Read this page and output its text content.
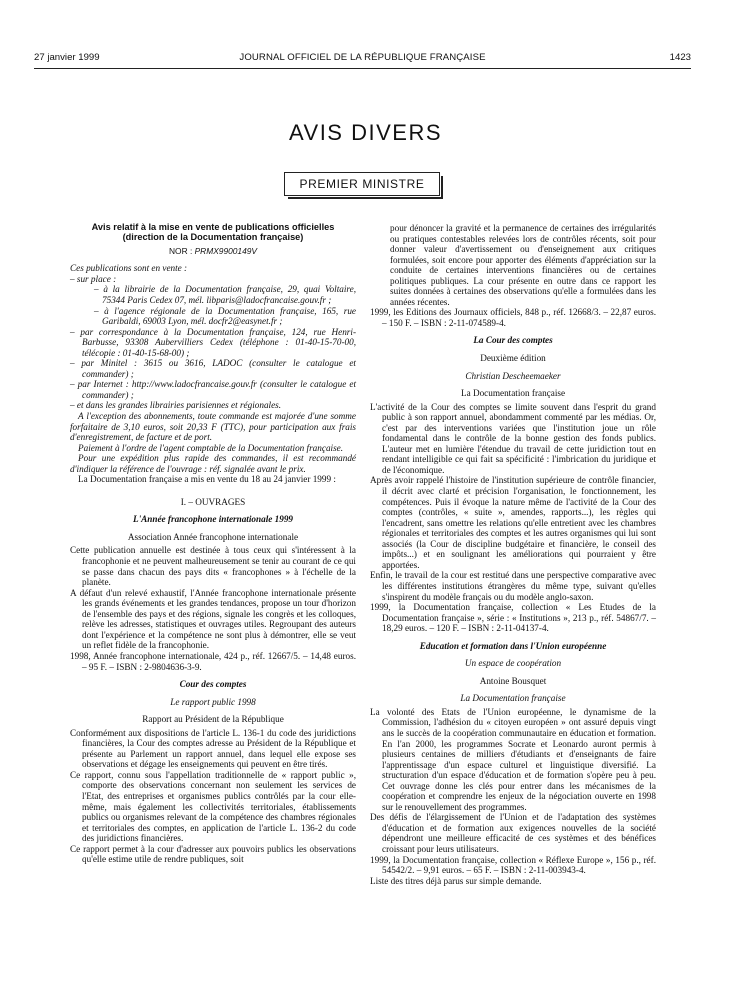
27 janvier 1999	JOURNAL OFFICIEL DE LA RÉPUBLIQUE FRANÇAISE	1423
AVIS DIVERS
PREMIER MINISTRE

Avis relatif à la mise en vente de publications officielles

(direction de la Documentation française)

NOR : PRMX9900149V

Ces publications sont en vente :

– sur place :

– à la librairie de la Documentation française, 29, quai Voltaire, 75344 Paris Cedex 07, mél. libparis@ladocfrancaise.gouv.fr ;

– à l'agence régionale de la Documentation française, 165, rue Garibaldi, 69003 Lyon, mél. docfr2@easynet.fr ;

– par correspondance à la Documentation française, 124, rue Henri-Barbusse, 93308 Aubervilliers Cedex (téléphone : 01-40-15-70-00, télécopie : 01-40-15-68-00) ;

– par Minitel : 3615 ou 3616, LADOC (consulter le catalogue et commander) ;

– par Internet : http://www.ladocfrancaise.gouv.fr (consulter le catalogue et commander) ;

– et dans les grandes librairies parisiennes et régionales.

A l'exception des abonnements, toute commande est majorée d'une somme forfaitaire de 3,10 euros, soit 20,33 F (TTC), pour participation aux frais d'enregistrement, de facture et de port.

Paiement à l'ordre de l'agent comptable de la Documentation française.

Pour une expédition plus rapide des commandes, il est recommandé d'indiquer la référence de l'ouvrage : réf. signalée avant le prix.

La Documentation française a mis en vente du 18 au 24 janvier 1999 :

I. – OUVRAGES

L'Année francophone internationale 1999

Association Année francophone internationale

Cette publication annuelle est destinée à tous ceux qui s'intéressent à la francophonie et ne peuvent malheureusement se tenir au courant de ce qui se passe dans chacun des pays dits « francophones » à l'échelle de la planète.

A défaut d'un relevé exhaustif, l'Année francophone internationale présente les grands événements et les grandes tendances, propose un tour d'horizon de l'ensemble des pays et des régions, signale les congrès et les colloques, relève les adresses, statistiques et ouvrages utiles. Regroupant des auteurs dont l'expérience et la compétence ne sont plus à démontrer, elle se veut un reflet fidèle de la francophonie.

1998, Année francophone internationale, 424 p., réf. 12667/5. – 14,48 euros. – 95 F. – ISBN : 2-9804636-3-9.

Cour des comptes

Le rapport public 1998

Rapport au Président de la République

Conformément aux dispositions de l'article L. 136-1 du code des juridictions financières, la Cour des comptes adresse au Président de la République et présente au Parlement un rapport annuel, dans lequel elle expose ses observations et dégage les enseignements qui peuvent en être tirés.

Ce rapport, connu sous l'appellation traditionnelle de « rapport public », comporte des observations concernant non seulement les services de l'Etat, des entreprises et organismes publics contrôlés par la cour elle-même, mais également les collectivités territoriales, établissements publics ou organismes relevant de la compétence des chambres régionales et territoriales des comptes, en application de l'article L. 136-2 du code des juridictions financières.

Ce rapport permet à la cour d'adresser aux pouvoirs publics les observations qu'elle estime utile de rendre publiques, soit

pour dénoncer la gravité et la permanence de certaines des irrégularités ou pratiques contestables relevées lors de contrôles récents, soit pour donner valeur d'avertissement ou d'enseignement aux critiques formulées, soit encore pour apporter des éléments d'appréciation sur la conduite de certaines interventions financières ou de certaines politiques publiques. La cour présente en outre dans ce rapport les suites données à certaines des observations qu'elle a formulées dans les années récentes.

1999, les Editions des Journaux officiels, 848 p., réf. 12668/3. – 22,87 euros. – 150 F. – ISBN : 2-11-074589-4.

La Cour des comptes

Deuxième édition

Christian Descheemaeker

La Documentation française

L'activité de la Cour des comptes se limite souvent dans l'esprit du grand public à son rapport annuel, abondamment commenté par les médias. Or, c'est par des interventions variées que l'institution joue un rôle fondamental dans le contrôle de la bonne gestion des fonds publics. L'auteur met en lumière l'étendue du travail de cette juridiction tout en rendant intelligible ce qui fait sa spécificité : l'imbrication du juridique et de l'économique.

Après avoir rappelé l'histoire de l'institution supérieure de contrôle financier, il décrit avec clarté et précision l'organisation, le fonctionnement, les compétences. Puis il évoque la nature même de l'activité de la Cour des comptes (contrôles, « suite », amendes, rapports...), les règles qui l'encadrent, sans omettre les relations qu'elle entretient avec les chambres régionales et territoriales des comptes et les autres organismes qui lui sont associés (la Cour de discipline budgétaire et financière, le conseil des impôts...) et en soulignant les améliorations qui pourraient y être apportées.

Enfin, le travail de la cour est restitué dans une perspective comparative avec les différentes institutions étrangères du même type, suivant qu'elles s'inspirent du modèle français ou du modèle anglo-saxon.

1999, la Documentation française, collection « Les Etudes de la Documentation française », série : « Institutions », 213 p., réf. 54867/7. – 18,29 euros. – 120 F. – ISBN : 2-11-04137-4.

Education et formation dans l'Union européenne

Un espace de coopération

Antoine Bousquet

La Documentation française

La volonté des Etats de l'Union européenne, le dynamisme de la Commission, l'adhésion du « citoyen européen » ont assuré depuis vingt ans le succès de la coopération communautaire en éducation et formation. En l'an 2000, les programmes Socrate et Leonardo auront permis à plusieurs centaines de milliers d'étudiants et d'enseignants de faire l'apprentissage d'un espace culturel et linguistique diversifié. La structuration d'un espace d'éducation et de formation s'opère peu à peu. Cet ouvrage donne les clés pour entrer dans les mécanismes de la coopération et comprendre les enjeux de la négociation ouverte en 1998 sur le renouvellement des programmes.

Des défis de l'élargissement de l'Union et de l'adaptation des systèmes d'éducation et de formation aux exigences nouvelles de la société dépendront une meilleure efficacité de ces systèmes et des bénéfices croissant pour leurs utilisateurs.

1999, la Documentation française, collection « Réflexe Europe », 156 p., réf. 54542/2. – 9,91 euros. – 65 F. – ISBN : 2-11-003943-4.

Liste des titres déjà parus sur simple demande.
